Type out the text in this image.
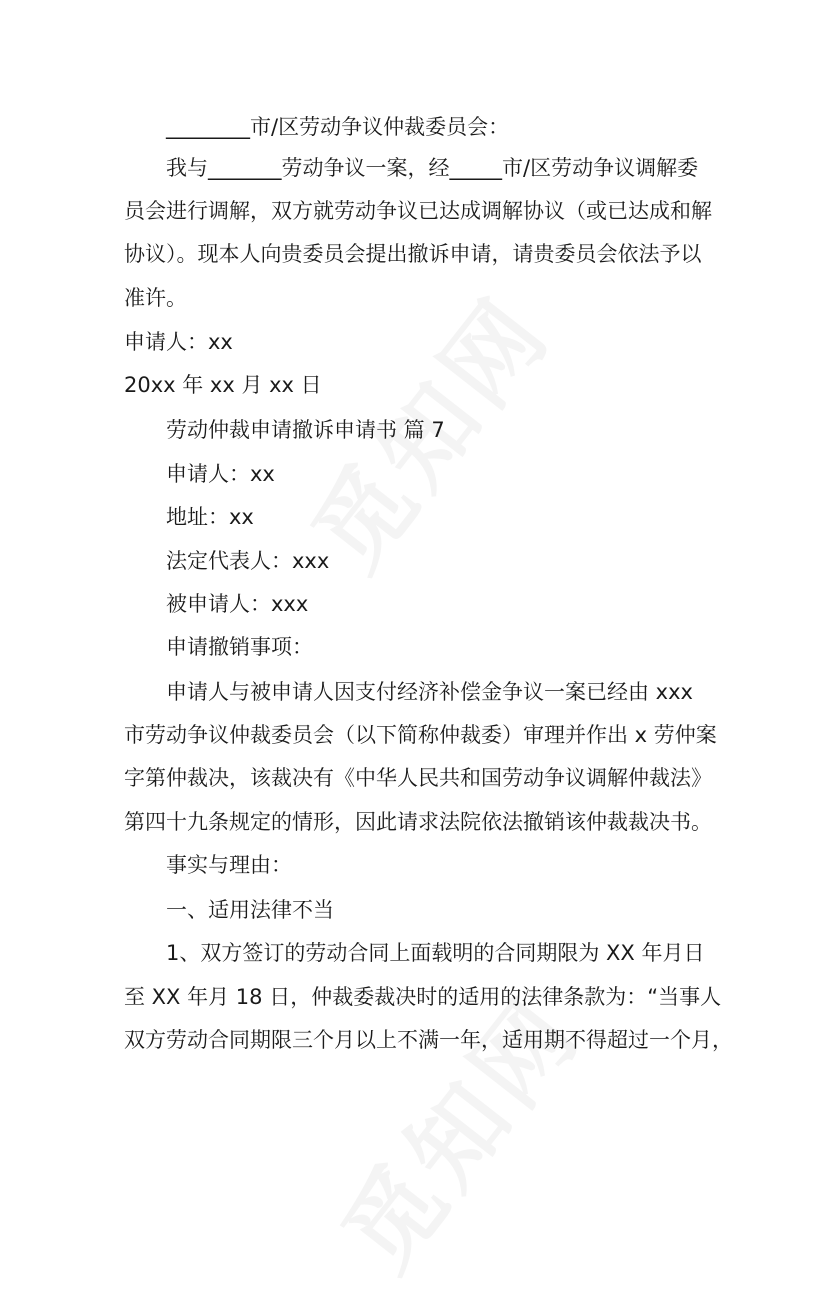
________市/区劳动争议仲裁委员会：
我与_______劳动争议一案，经_____市/区劳动争议调解委
员会进行调解，双方就劳动争议已达成调解协议（或已达成和解
协议）。现本人向贵委员会提出撤诉申请，请贵委员会依法予以
准许。
申请人：xx
20xx 年 xx 月 xx 日
劳动仲裁申请撤诉申请书 篇 7
申请人：xx
地址：xx
法定代表人：xxx
被申请人：xxx
申请撤销事项：
申请人与被申请人因支付经济补偿金争议一案已经由 xxx
市劳动争议仲裁委员会（以下简称仲裁委）审理并作出 x 劳仲案
字第仲裁决，该裁决有《中华人民共和国劳动争议调解仲裁法》
第四十九条规定的情形，因此请求法院依法撤销该仲裁裁决书。
事实与理由：
一、适用法律不当
1、双方签订的劳动合同上面载明的合同期限为 XX 年月日
至 XX 年月 18 日，仲裁委裁决时的适用的法律条款为：“当事人
双方劳动合同期限三个月以上不满一年，适用期不得超过一个月，
